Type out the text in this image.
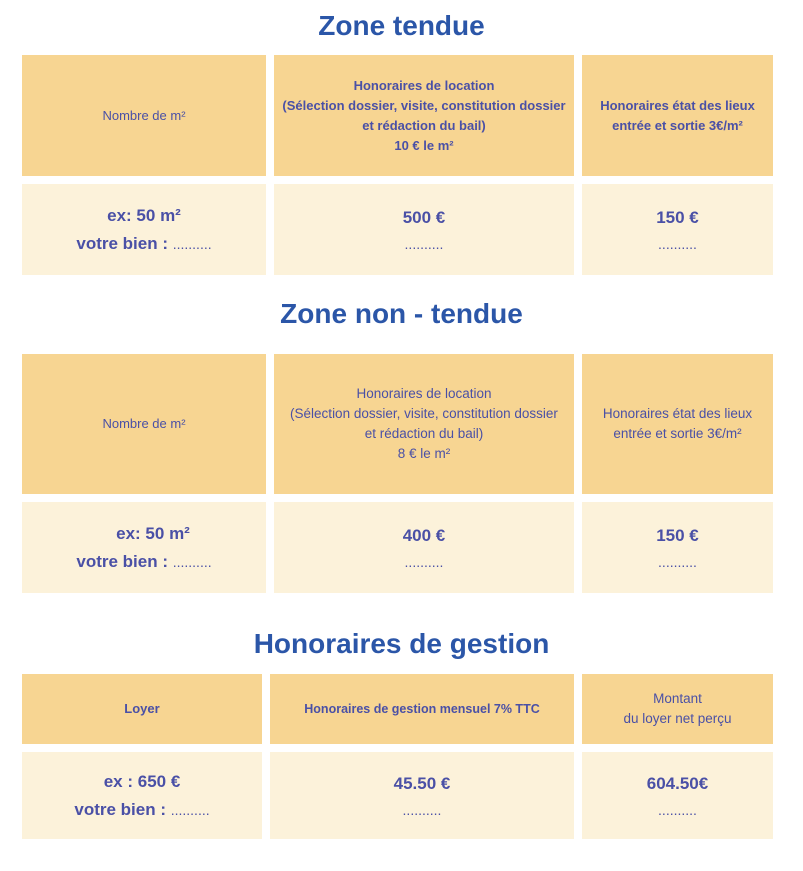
Zone tendue
Nombre de m²
Honoraires de location
(Sélection dossier, visite, constitution dossier
et rédaction du bail)
10 € le m²
Honoraires état des lieux
entrée et sortie 3€/m²
ex: 50 m²
votre bien : ..........
500 €
..........
150 €
..........
Zone non - tendue
Nombre de m²
Honoraires de location
(Sélection dossier, visite, constitution dossier
et rédaction du bail)
8 € le m²
Honoraires état des lieux
entrée et sortie 3€/m²
ex: 50 m²
votre bien : ..........
400 €
..........
150 €
..........
Honoraires de gestion
Loyer	Honoraires de gestion mensuel 7% TTC
Montant
du loyer net perçu
ex : 650 €
votre bien : ..........
45.50 €
..........
604.50€
..........
